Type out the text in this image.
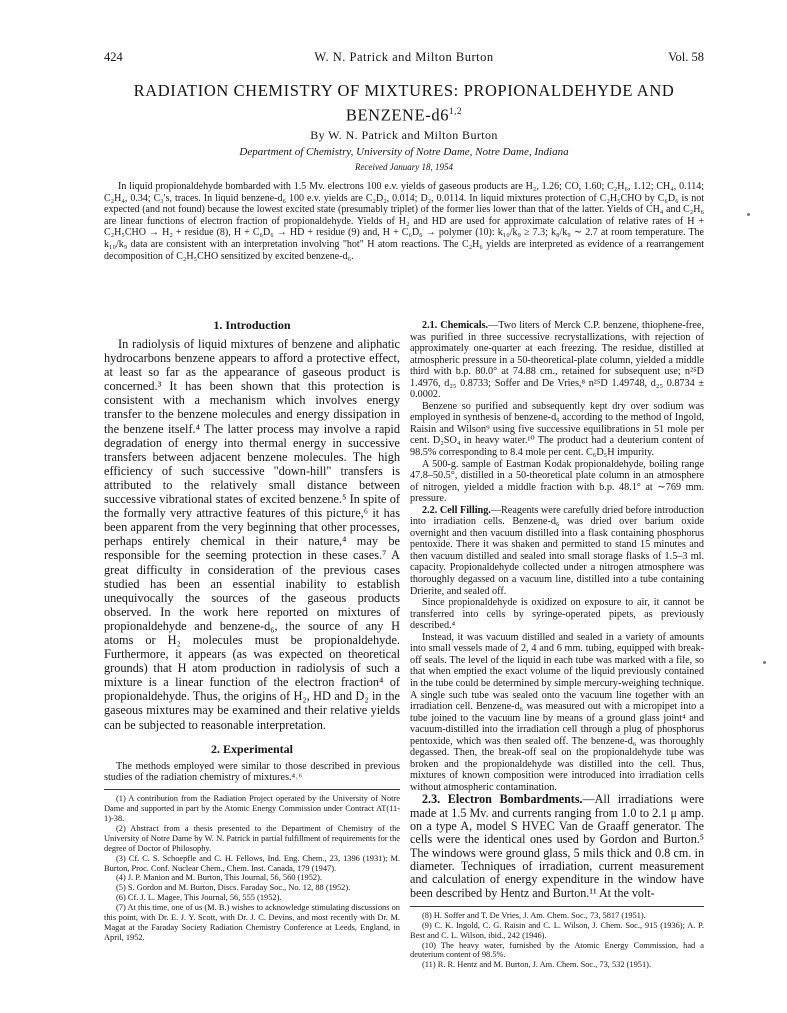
424	W. N. Patrick and Milton Burton	Vol. 58
RADIATION CHEMISTRY OF MIXTURES: PROPIONALDEHYDE AND BENZENE-d6$^{1,2}$
By W. N. Patrick and Milton Burton
Department of Chemistry, University of Notre Dame, Notre Dame, Indiana
Received January 18, 1954

In liquid propionaldehyde bombarded with 1.5 Mv. electrons 100 e.v. yields of gaseous products are H₂, 1.26; CO, 1.60; C₂H₆, 1.12; CH₄, 0.114; C₂H₄, 0.34; C₃'s, traces. In liquid benzene-d₆ 100 e.v. yields are C₂D₂, 0.014; D₂, 0.0114. In liquid mixtures protection of C₂H₅CHO by C₆D₆ is not expected (and not found) because the lowest excited state (presumably triplet) of the former lies lower than that of the latter. Yields of CH₄ and C₂H₆ are linear functions of electron fraction of propionaldehyde. Yields of H₂ and HD are used for approximate calculation of relative rates of H + C₂H₅CHO → H₂ + residue (8), H + C₆D₆ → HD + residue (9) and, H + C₆D₆ → polymer (10): k₁₀/k₉ ≥ 7.3; k₈/k₉ ∼ 2.7 at room temperature. The k₁₀/k₉ data are consistent with an interpretation involving "hot" H atom reactions. The C₂H₆ yields are interpreted as evidence of a rearrangement decomposition of C₂H₅CHO sensitized by excited benzene-d₆.

1. Introduction

In radiolysis of liquid mixtures of benzene and aliphatic hydrocarbons benzene appears to afford a protective effect, at least so far as the appearance of gaseous product is concerned.³ It has been shown that this protection is consistent with a mechanism which involves energy transfer to the benzene molecules and energy dissipation in the benzene itself.⁴ The latter process may involve a rapid degradation of energy into thermal energy in successive transfers between adjacent benzene molecules. The high efficiency of such successive "down-hill" transfers is attributed to the relatively small distance between successive vibrational states of excited benzene.⁵ In spite of the formally very attractive features of this picture,⁶ it has been apparent from the very beginning that other processes, perhaps entirely chemical in their nature,⁴ may be responsible for the seeming protection in these cases.⁷ A great difficulty in consideration of the previous cases studied has been an essential inability to establish unequivocally the sources of the gaseous products observed. In the work here reported on mixtures of propionaldehyde and benzene-d₆, the source of any H atoms or H₂ molecules must be propionaldehyde. Furthermore, it appears (as was expected on theoretical grounds) that H atom production in radiolysis of such a mixture is a linear function of the electron fraction⁴ of propionaldehyde. Thus, the origins of H₂, HD and D₂ in the gaseous mixtures may be examined and their relative yields can be subjected to reasonable interpretation.

2. Experimental

The methods employed were similar to those described in previous studies of the radiation chemistry of mixtures.⁴˒⁶

(1) A contribution from the Radiation Project operated by the University of Notre Dame and supported in part by the Atomic Energy Commission under Contract AT(11-1)-38.

(2) Abstract from a thesis presented to the Department of Chemistry of the University of Notre Dame by W. N. Patrick in partial fulfillment of requirements for the degree of Doctor of Philosophy.

(3) Cf. C. S. Schoepfle and C. H. Fellows, Ind. Eng. Chem., 23, 1396 (1931); M. Burton, Proc. Conf. Nuclear Chem., Chem. Inst. Canada, 179 (1947).

(4) J. P. Manion and M. Burton, This Journal, 56, 560 (1952).

(5) S. Gordon and M. Burton, Discs. Faraday Soc., No. 12, 88 (1952).

(6) Cf. J. L. Magee, This Journal, 56, 555 (1952).

(7) At this time, one of us (M. B.) wishes to acknowledge stimulating discussions on this point, with Dr. E. J. Y. Scott, with Dr. J. C. Devins, and most recently with Dr. M. Magat at the Faraday Society Radiation Chemistry Conference at Leeds, England, in April, 1952.

2.1. Chemicals.—Two liters of Merck C.P. benzene, thiophene-free, was purified in three successive recrystallizations, with rejection of approximately one-quarter at each freezing. The residue, distilled at atmospheric pressure in a 50-theoretical-plate column, yielded a middle third with b.p. 80.0° at 74.88 cm., retained for subsequent use; n²⁵D 1.4976, d₂₅ 0.8733; Soffer and De Vries,⁸ n²⁵D 1.49748, d₂₅ 0.8734 ± 0.0002.

Benzene so purified and subsequently kept dry over sodium was employed in synthesis of benzene-d₆ according to the method of Ingold, Raisin and Wilson⁹ using five successive equilibrations in 51 mole per cent. D₂SO₄ in heavy water.¹⁰ The product had a deuterium content of 98.5% corresponding to 8.4 mole per cent. C₆D₅H impurity.

A 500-g. sample of Eastman Kodak propionaldehyde, boiling range 47.8–50.5°, distilled in a 50-theoretical plate column in an atmosphere of nitrogen, yielded a middle fraction with b.p. 48.1° at ∼769 mm. pressure.

2.2. Cell Filling.—Reagents were carefully dried before introduction into irradiation cells. Benzene-d₆ was dried over barium oxide overnight and then vacuum distilled into a flask containing phosphorus pentoxide. There it was shaken and permitted to stand 15 minutes and then vacuum distilled and sealed into small storage flasks of 1.5–3 ml. capacity. Propionaldehyde collected under a nitrogen atmosphere was thoroughly degassed on a vacuum line, distilled into a tube containing Drierite, and sealed off.

Since propionaldehyde is oxidized on exposure to air, it cannot be transferred into cells by syringe-operated pipets, as previously described.⁴

Instead, it was vacuum distilled and sealed in a variety of amounts into small vessels made of 2, 4 and 6 mm. tubing, equipped with break-off seals. The level of the liquid in each tube was marked with a file, so that when emptied the exact volume of the liquid previously contained in the tube could be determined by simple mercury-weighing technique. A single such tube was sealed onto the vacuum line together with an irradiation cell. Benzene-d₆ was measured out with a micropipet into a tube joined to the vacuum line by means of a ground glass joint⁴ and vacuum-distilled into the irradiation cell through a plug of phosphorus pentoxide, which was then sealed off. The benzene-d₆ was thoroughly degassed. Then, the break-off seal on the propionaldehyde tube was broken and the propionaldehyde was distilled into the cell. Thus, mixtures of known composition were introduced into irradiation cells without atmospheric contamination.

2.3. Electron Bombardments.—All irradiations were made at 1.5 Mv. and currents ranging from 1.0 to 2.1 μ amp. on a type A, model S HVEC Van de Graaff generator. The cells were the identical ones used by Gordon and Burton.⁵ The windows were ground glass, 5 mils thick and 0.8 cm. in diameter. Techniques of irradiation, current measurement and calculation of energy expenditure in the window have been described by Hentz and Burton.¹¹ At the volt-

(8) H. Soffer and T. De Vries, J. Am. Chem. Soc., 73, 5817 (1951).

(9) C. K. Ingold, C. G. Raisin and C. L. Wilson, J. Chem. Soc., 915 (1936); A. P. Best and C. L. Wilson, ibid., 242 (1946).

(10) The heavy water, furnished by the Atomic Energy Commission, had a deuterium content of 98.5%.

(11) R. R. Hentz and M. Burton, J. Am. Chem. Soc., 73, 532 (1951).
